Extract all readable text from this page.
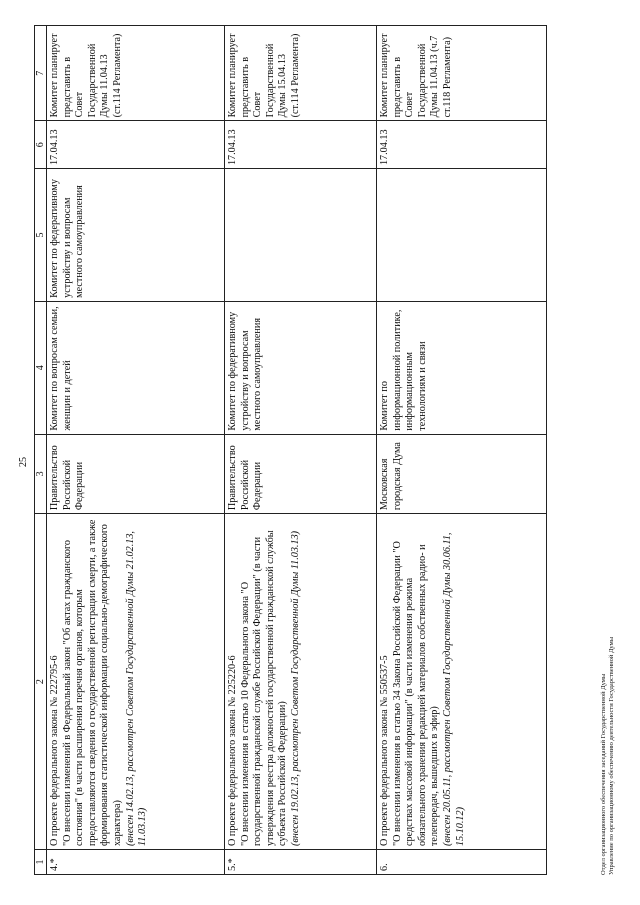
25
1	2	3	4	5	6	7
4.*	О проекте федерального закона № 222795-6 "О внесении изменений в Федеральный закон "Об актах гражданского состояния" (в части расширения перечня органов, которым предоставляются сведения о государственной регистрации смерти, а также формирования статистической информации социально-демографического характера) (внесен 14.02.13, рассмотрен Советом Государственной Думы 21.02.13, 11.03.13)	Правительство Российской Федерации	Комитет по вопросам семьи, женщин и детей	Комитет по федеративному устройству и вопросам местного самоуправления	17.04.13	Комитет планирует представить в Совет Государственной Думы 11.04.13 (ст.114 Регламента)
5.*	О проекте федерального закона № 225220-6 "О внесении изменения в статью 10 Федерального закона "О государственной гражданской службе Российской Федерации" (в части утверждения реестра должностей государственной гражданской службы субъекта Российской Федерации) (внесен 19.02.13, рассмотрен Советом Государственной Думы 11.03.13)	Правительство Российской Федерации	Комитет по федеративному устройству и вопросам местного самоуправления		17.04.13	Комитет планирует представить в Совет Государственной Думы 15.04.13 (ст.114 Регламента)
6.	О проекте федерального закона № 550537-5 "О внесении изменения в статью 34 Закона Российской Федерации "О средствах массовой информации" (в части изменения режима обязательного хранения редакцией материалов собственных радио- и телепередач, вышедших в эфир) (внесен 20.05.11, рассмотрен Советом Государственной Думы 30.06.11, 15.10.12)	Московская городская Дума	Комитет по информационной политике, информационным технологиям и связи		17.04.13	Комитет планирует представить в Совет Государственной Думы 11.04.13 (ч.7 ст.118 Регламента)
Отдел организационного обеспечения заседаний Государственной Думы Управление по организационному обеспечению деятельности Государственной Думы
